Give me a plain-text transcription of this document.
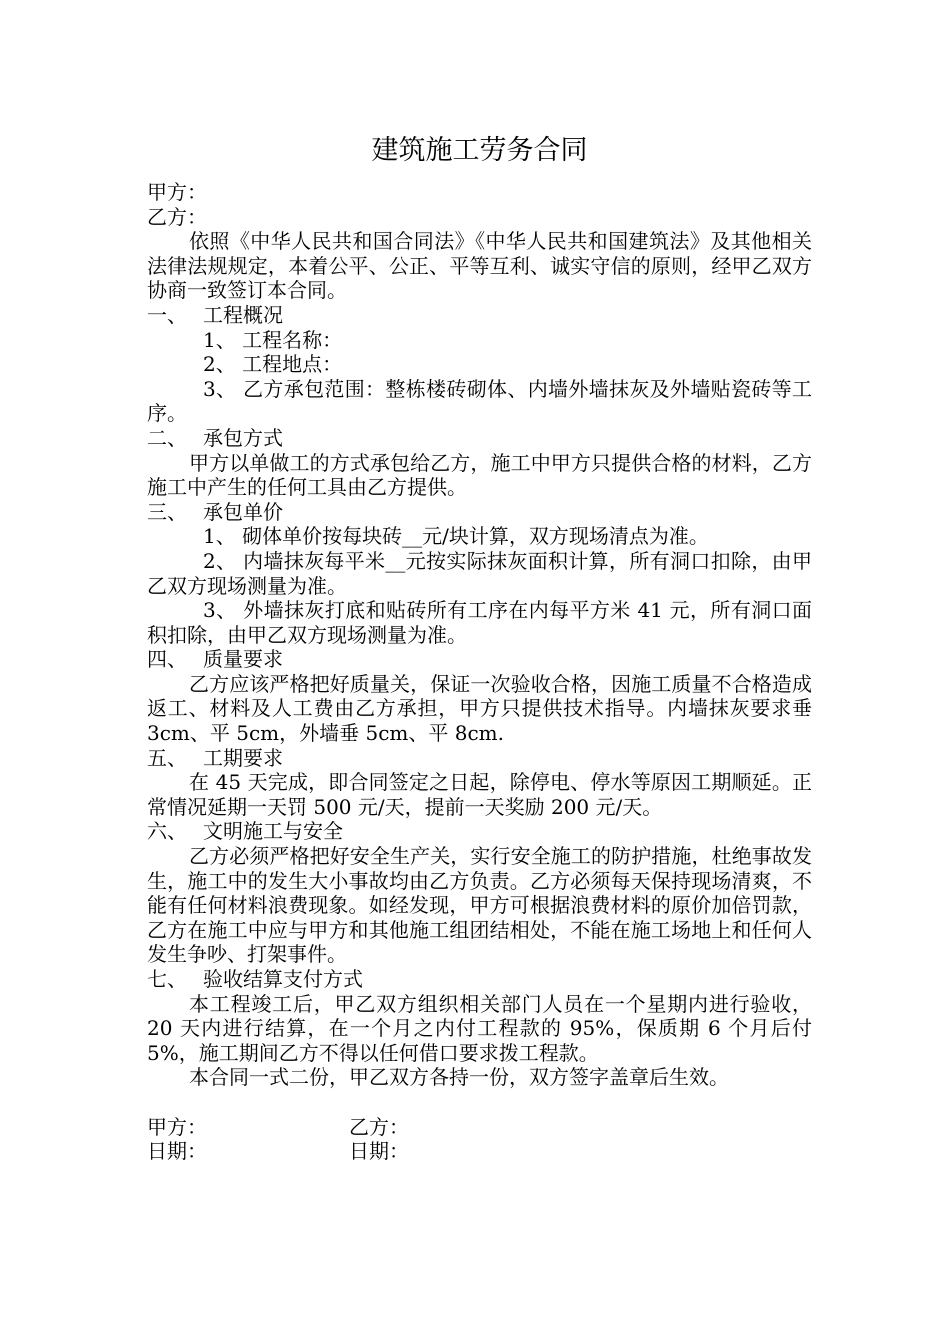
建筑施工劳务合同
甲方：
乙方：
依照《中华人民共和国合同法》《中华人民共和国建筑法》及其他相关法律法规规定，本着公平、公正、平等互利、诚实守信的原则，经甲乙双方协商一致签订本合同。
一、 工程概况
1、 工程名称：
2、 工程地点：
3、 乙方承包范围：整栋楼砖砌体、内墙外墙抹灰及外墙贴瓷砖等工序。
二、 承包方式
甲方以单做工的方式承包给乙方，施工中甲方只提供合格的材料，乙方施工中产生的任何工具由乙方提供。
三、 承包单价
1、 砌体单价按每块砖__元/块计算，双方现场清点为准。
2、 内墙抹灰每平米__元按实际抹灰面积计算，所有洞口扣除，由甲乙双方现场测量为准。
3、 外墙抹灰打底和贴砖所有工序在内每平方米 41 元，所有洞口面积扣除，由甲乙双方现场测量为准。
四、 质量要求
乙方应该严格把好质量关，保证一次验收合格，因施工质量不合格造成返工、材料及人工费由乙方承担，甲方只提供技术指导。内墙抹灰要求垂 3cm、平 5cm，外墙垂 5cm、平 8cm.
五、 工期要求
在 45 天完成，即合同签定之日起，除停电、停水等原因工期顺延。正常情况延期一天罚 500 元/天，提前一天奖励 200 元/天。
六、 文明施工与安全
乙方必须严格把好安全生产关，实行安全施工的防护措施，杜绝事故发生，施工中的发生大小事故均由乙方负责。乙方必须每天保持现场清爽，不能有任何材料浪费现象。如经发现，甲方可根据浪费材料的原价加倍罚款，乙方在施工中应与甲方和其他施工组团结相处，不能在施工场地上和任何人发生争吵、打架事件。
七、 验收结算支付方式
本工程竣工后，甲乙双方组织相关部门人员在一个星期内进行验收，20 天内进行结算，在一个月之内付工程款的 95%，保质期 6 个月后付 5%，施工期间乙方不得以任何借口要求拨工程款。
本合同一式二份，甲乙双方各持一份，双方签字盖章后生效。
甲方：	乙方：
日期：	日期：
